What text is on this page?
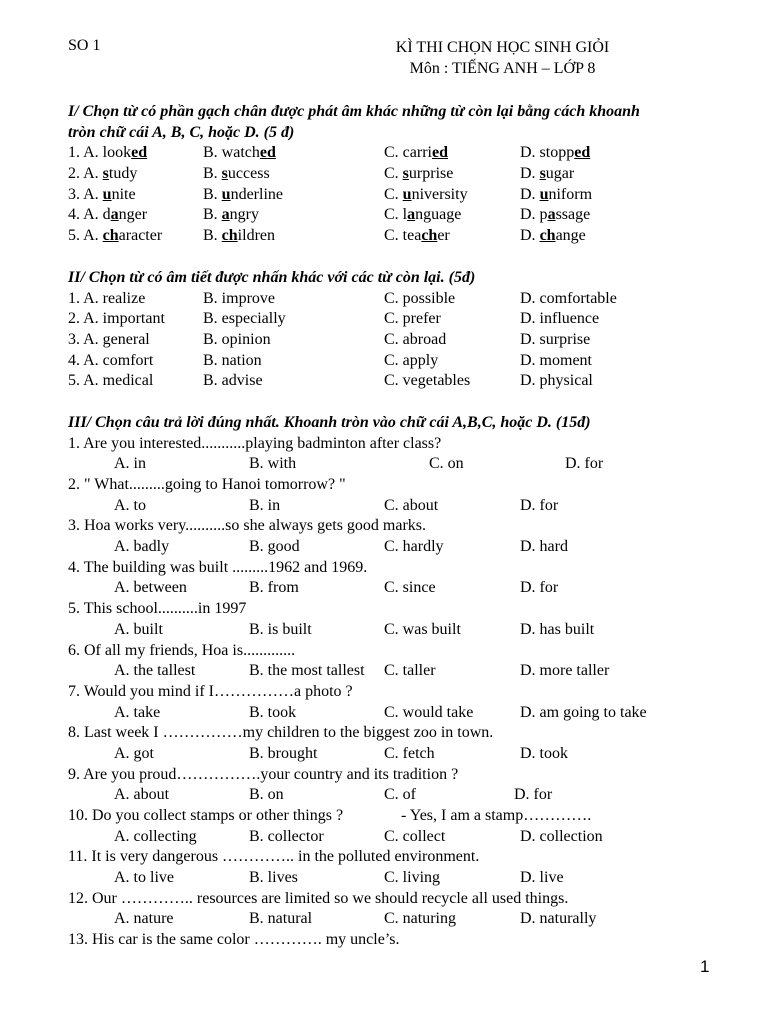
SO 1	KÌ THI CHỌN HỌC SINH GIỎI
Môn : TIẾNG ANH – LỚP 8
I/ Chọn từ có phần gạch chân được phát âm khác những từ còn lại bằng cách khoanh
tròn chữ cái A, B, C, hoặc D. (5 đ)
1. A. looked	B. watched	C. carried	D. stopped
2. A. study	B. success	C. surprise	D. sugar
3. A. unite	B. underline	C. university	D. uniform
4. A. danger	B. angry	C. language	D. passage
5. A. character	B. children	C. teacher	D. change
II/ Chọn từ có âm tiết được nhấn khác với các từ còn lại. (5đ)
1. A. realize	B. improve	C. possible	D. comfortable
2. A. important B. especially	C. prefer	D. influence
3. A. general	B. opinion	C. abroad	D. surprise
4. A. comfort	B. nation	C. apply	D. moment
5. A. medical	B. advise	C. vegetables	D. physical
III/ Chọn câu trả lời đúng nhất. Khoanh tròn vào chữ cái A,B,C, hoặc D. (15đ)
1. Are you interested...........playing badminton after class?
A. in	B. with	C. on	D. for
2. " What.........going to Hanoi tomorrow? "
A. to	B. in	C. about	D. for
3. Hoa works very..........so she always gets good marks.
A. badly	B. good	C. hardly	D. hard
4. The building was built .........1962 and 1969.
A. between	B. from	C. since	D. for
5. This school..........in 1997
A. built	B. is built	C. was built	D. has built
6. Of all my friends, Hoa is.............
A. the tallest	B. the most tallest C. taller	D. more taller
7. Would you mind if I……………a photo ?
A. take	B. took	C. would take	D. am going to take
8. Last week I ……………my children to the biggest zoo in town.
A. got	B. brought	C. fetch	D. took
9. Are you proud…………….your country and its tradition ?
A. about	B. on	C. of	D. for
10. Do you collect stamps or other things ?	- Yes, I am a stamp………….
A. collecting	B. collector	C. collect	D. collection
11. It is very dangerous ………….. in the polluted environment.
A. to live	B. lives	C. living	D. live
12. Our ………….. resources are limited so we should recycle all used things.
A. nature	B. natural	C. naturing	D. naturally
13. His car is the same color …………. my uncle’s.
1
